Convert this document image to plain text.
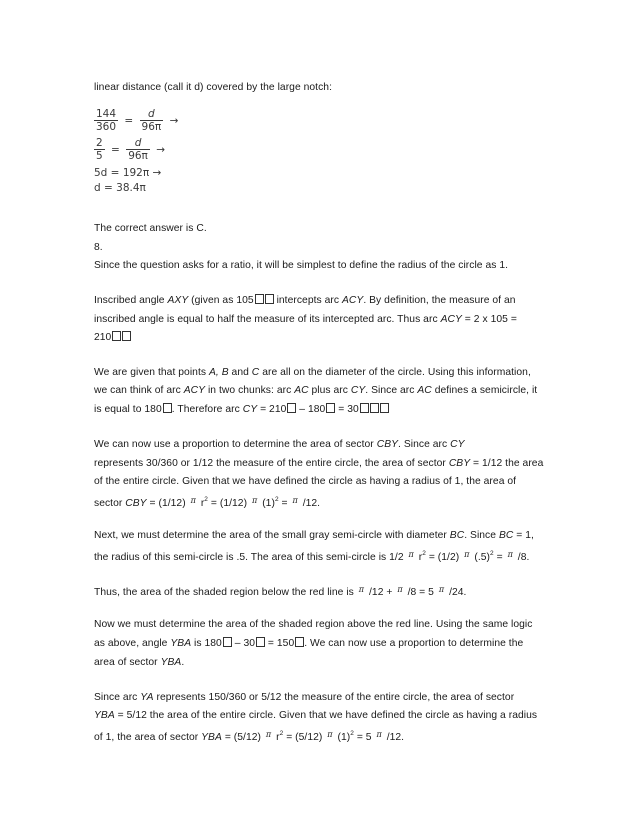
linear distance (call it d) covered by the large notch:
$\frac{144}{360} = \frac{d}{96\pi}$ →
$\frac{2}{5} = \frac{d}{96\pi}$ →
5d = 192π →
d = 38.4π
The correct answer is C.
8.
Since the question asks for a ratio, it will be simplest to define the radius of the circle as 1.
Inscribed angle AXY (given as 105 intercepts arc ACY. By definition, the measure of an
inscribed angle is equal to half the measure of its intercepted arc. Thus arc ACY = 2 x 105 =
210
We are given that points A, B and C are all on the diameter of the circle. Using this information,
we can think of arc ACY in two chunks: arc AC plus arc CY. Since arc AC defines a semicircle, it
is equal to 180 . Therefore arc CY = 210 – 180 = 30
We can now use a proportion to determine the area of sector CBY. Since arc CY
represents 30/360 or 1/12 the measure of the entire circle, the area of sector CBY = 1/12 the area
of the entire circle. Given that we have defined the circle as having a radius of 1, the area of
sector CBY = (1/12) $^\pi$ $r^2 = (1/12)$ $^\pi$ $(1)^2 = ^\pi$ /12.
Next, we must determine the area of the small gray semi-circle with diameter BC. Since BC = 1,
the radius of this semi-circle is .5. The area of this semi-circle is 1/2 $^\pi$ $r^2 = (1/2)$ $^\pi$ $(.5)^2 = ^\pi$ /8.
Thus, the area of the shaded region below the red line is $^\pi$ /12 + $^\pi$ /8 = 5 $^\pi$ /24.
Now we must determine the area of the shaded region above the red line. Using the same logic
as above, angle YBA is 180 – 30 = 150 . We can now use a proportion to determine the
area of sector YBA.
Since arc YA represents 150/360 or 5/12 the measure of the entire circle, the area of sector
YBA = 5/12 the area of the entire circle. Given that we have defined the circle as having a radius
of 1, the area of sector YBA = (5/12) $^\pi$ $r^2 = (5/12)$ $^\pi$ $(1)^2 = 5$ $^\pi$ /12.
